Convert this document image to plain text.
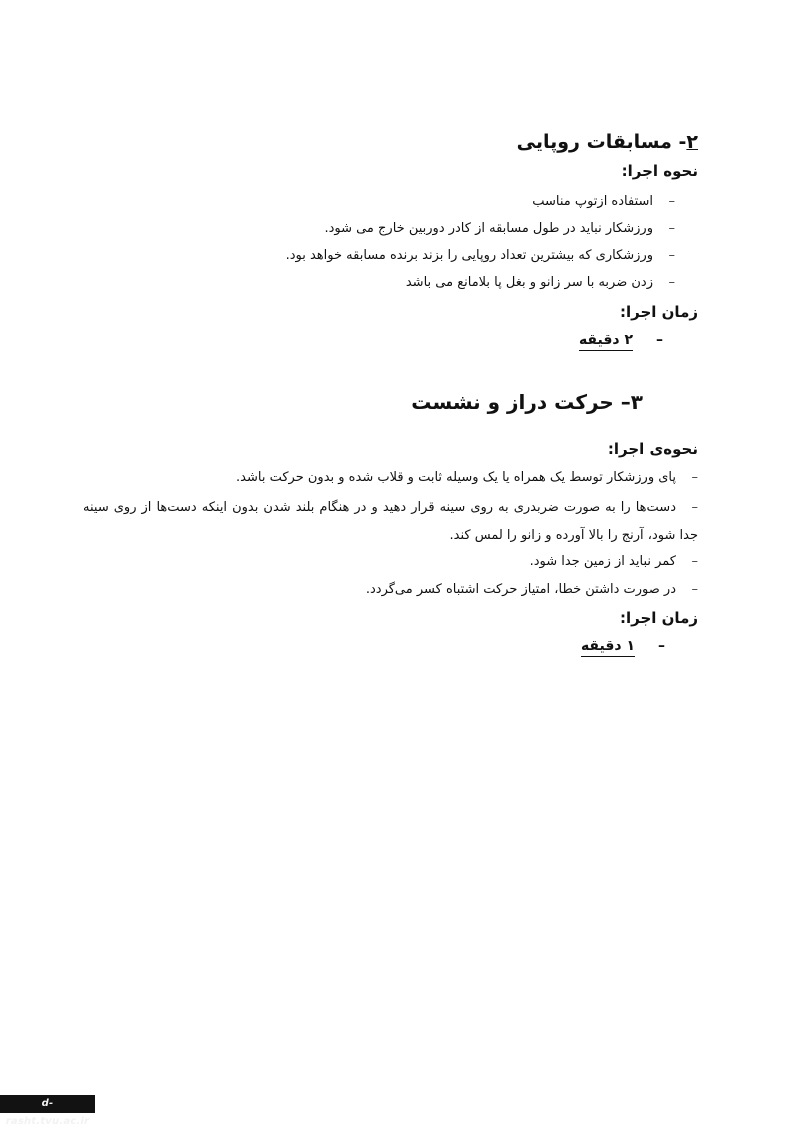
۲- مسابقات روپایی
نحوه اجرا:
–استفاده ازتوپ مناسب
–ورزشکار نباید در طول مسابقه از کادر دوربین خارج می شود.
–ورزشکاری که بیشترین تعداد روپایی را بزند برنده مسابقه خواهد بود.
–زدن ضربه با سر زانو و بغل پا بلامانع می باشد
زمان اجرا:
–۲ دقیقه
۳– حرکت دراز و نشست
نحوه‌ی اجرا:
–پای ورزشکار توسط یک همراه یا یک وسیله ثابت و قلاب شده و بدون حرکت باشد.
–دست‌ها را به صورت ضربدری به روی سینه قرار دهید و در هنگام بلند شدن بدون اینکه دست‌ها از روی سینه جدا شود، آرنج را بالا آورده و زانو را لمس کند.
–کمر نباید از زمین جدا شود.
–در صورت داشتن خطا، امتیاز حرکت اشتباه کسر می‌گردد.
زمان اجرا:
–۱ دقیقه
d-rasht.tvu.ac.ir
